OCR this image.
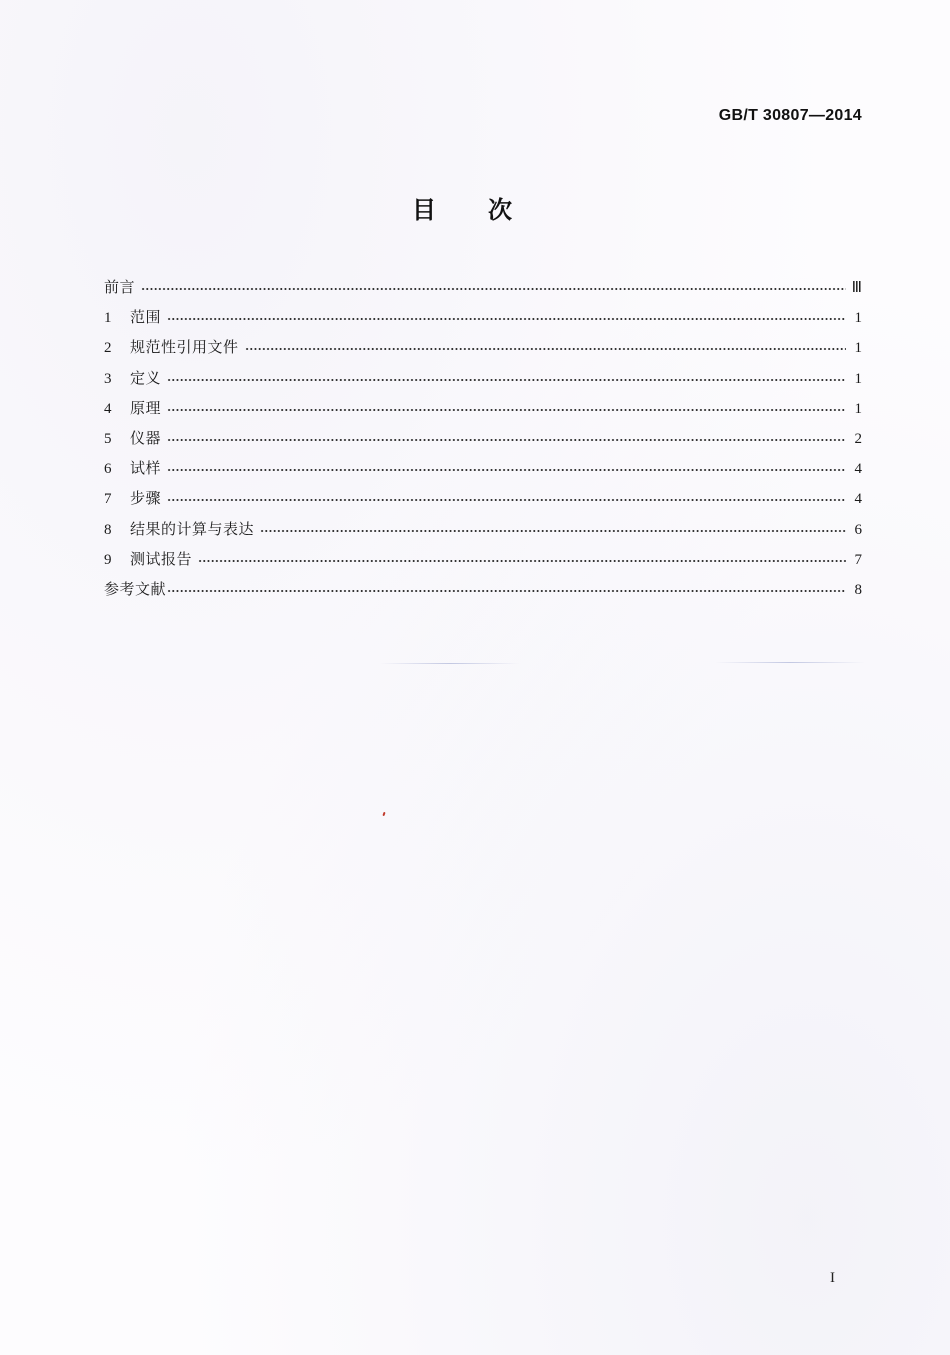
GB/T 30807—2014
目次
前言	Ⅲ
1	范围	1
2	规范性引用文件	1
3	定义	1
4	原理	1
5	仪器	2
6	试样	4
7	步骤	4
8	结果的计算与表达	6
9	测试报告	7
参考文献	8
I
